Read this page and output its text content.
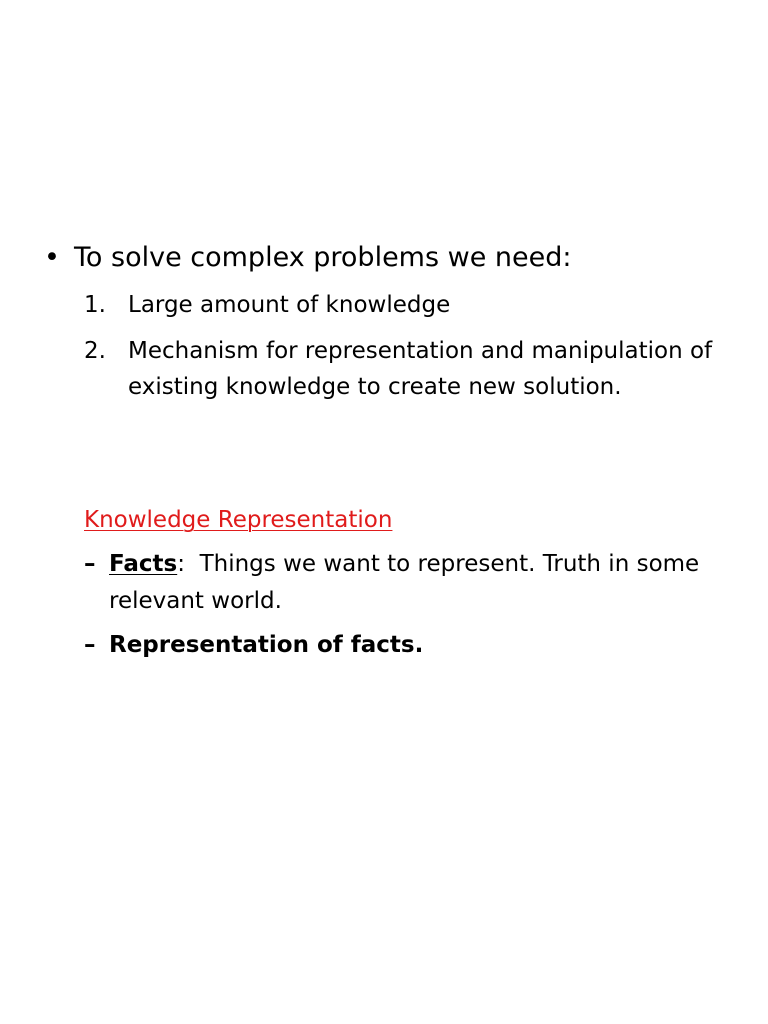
• To solve complex problems we need:
1. Large amount of knowledge
2. Mechanism for representation and manipulation of existing knowledge to create new solution.
Knowledge Representation
– Facts: Things we want to represent. Truth in some relevant world.
– Representation of facts.
